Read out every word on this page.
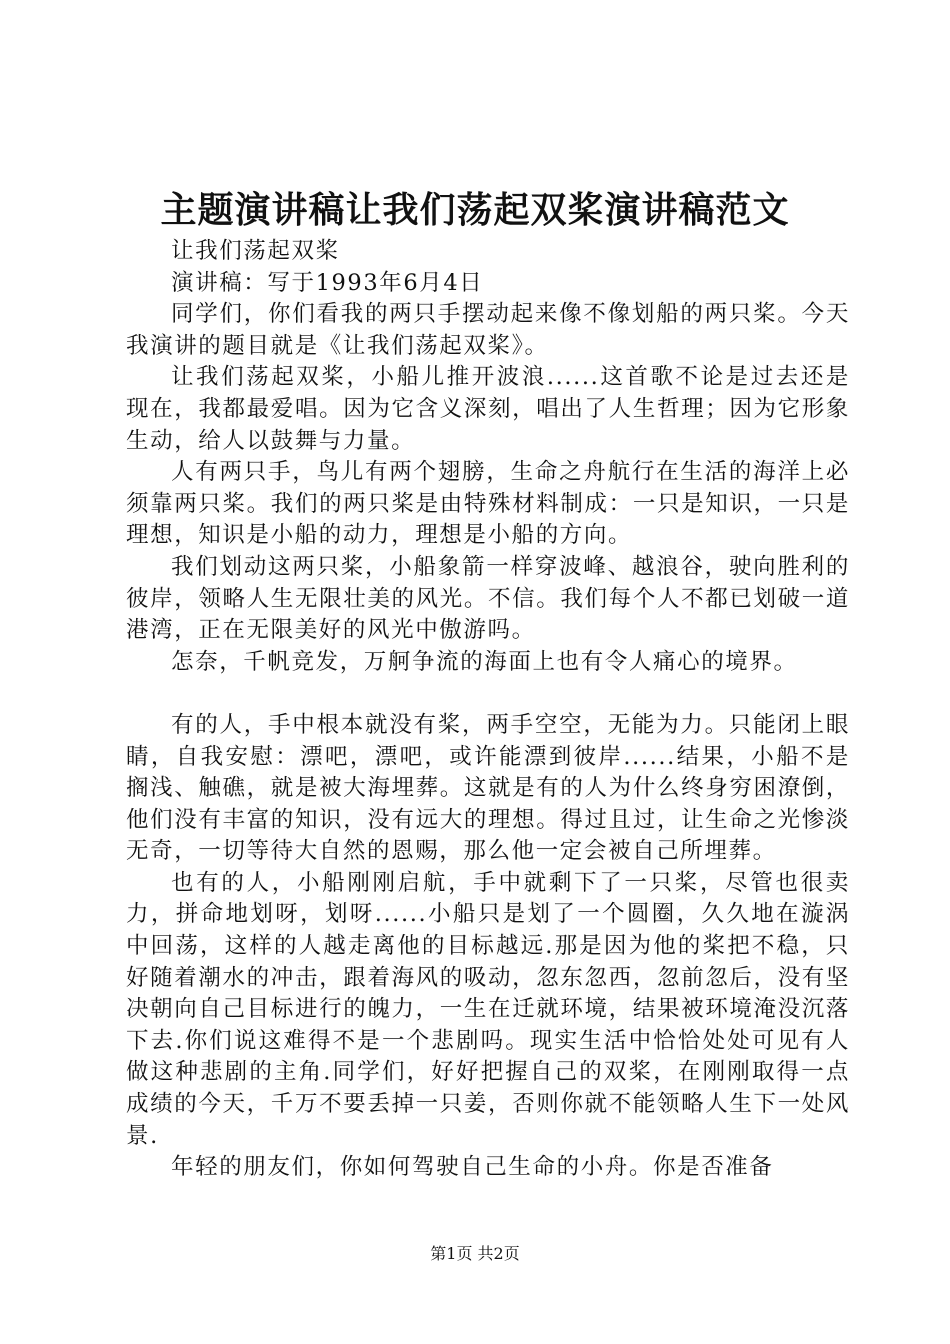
主题演讲稿让我们荡起双桨演讲稿范文

让我们荡起双桨

演讲稿：写于1993年6月4日

同学们，你们看我的两只手摆动起来像不像划船的两只桨。今天我演讲的题目就是《让我们荡起双桨》。

让我们荡起双桨，小船儿推开波浪......这首歌不论是过去还是现在，我都最爱唱。因为它含义深刻，唱出了人生哲理；因为它形象生动，给人以鼓舞与力量。

人有两只手，鸟儿有两个翅膀，生命之舟航行在生活的海洋上必须靠两只桨。我们的两只桨是由特殊材料制成：一只是知识，一只是理想，知识是小船的动力，理想是小船的方向。

我们划动这两只桨，小船象箭一样穿波峰、越浪谷，驶向胜利的彼岸，领略人生无限壮美的风光。不信。我们每个人不都已划破一道港湾，正在无限美好的风光中傲游吗。

怎奈，千帆竞发，万舸争流的海面上也有令人痛心的境界。

有的人，手中根本就没有桨，两手空空，无能为力。只能闭上眼睛，自我安慰：漂吧，漂吧，或许能漂到彼岸......结果，小船不是搁浅、触礁，就是被大海埋葬。这就是有的人为什么终身穷困潦倒，他们没有丰富的知识，没有远大的理想。得过且过，让生命之光惨淡无奇，一切等待大自然的恩赐，那么他一定会被自己所埋葬。

也有的人，小船刚刚启航，手中就剩下了一只桨，尽管也很卖力，拼命地划呀，划呀......小船只是划了一个圆圈，久久地在漩涡中回荡，这样的人越走离他的目标越远.那是因为他的桨把不稳，只好随着潮水的冲击，跟着海风的吸动，忽东忽西，忽前忽后，没有坚决朝向自己目标进行的魄力，一生在迁就环境，结果被环境淹没沉落下去.你们说这难得不是一个悲剧吗。现实生活中恰恰处处可见有人做这种悲剧的主角.同学们，好好把握自己的双桨，在刚刚取得一点成绩的今天，千万不要丢掉一只姜，否则你就不能领略人生下一处风景.

年轻的朋友们，你如何驾驶自己生命的小舟。你是否准备

第1页 共2页
